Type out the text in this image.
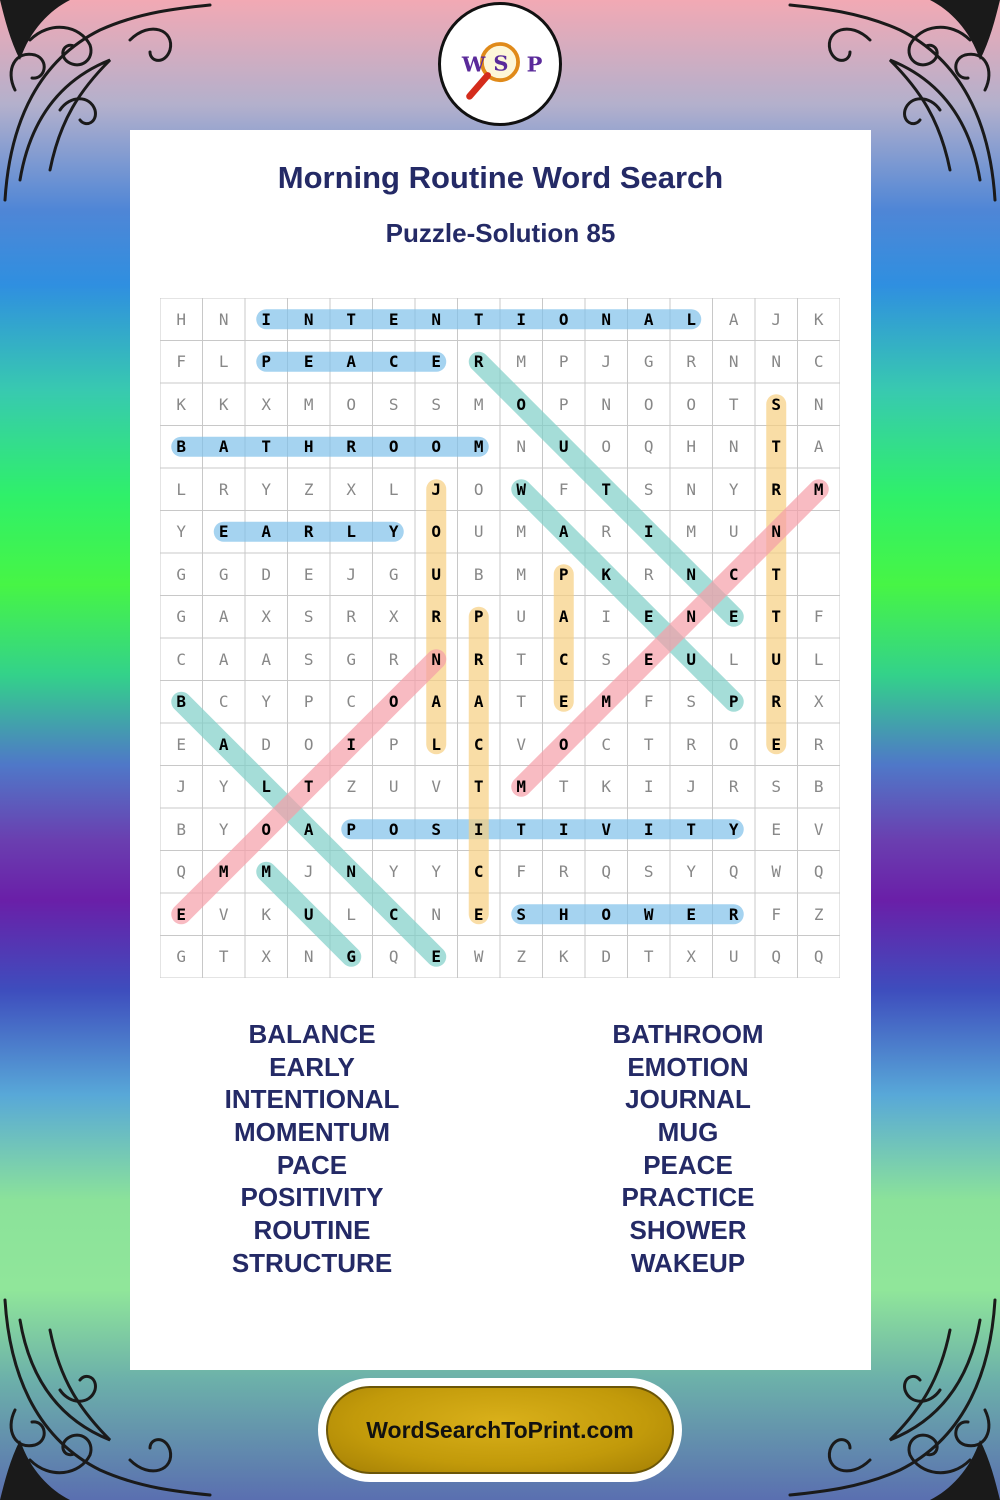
W S P
Morning Routine Word Search
Puzzle-Solution 85
H	N	I	N	T	E	N	T	I	O	N	A	L	A	J	K
F	L	P	E	A	C	E	R	M	P	J	G	R	N	N	C
K	K	X	M	O	S	S	M	O	P	N	O	O	T	S	N
B	A	T	H	R	O	O	M	N	U	O	Q	H	N	T	A
L	R	Y	Z	X	L	J	O	W	F	T	S	N	Y	R	M
Y	E	A	R	L	Y	O	U	M	A	R	I	M	U	N
G	G	D	E	J	G	U	B	M	P	K	R	N	C	T
G	A	X	S	R	X	R	P	U	A	I	E	N	E	T	F
C	A	A	S	G	R	N	R	T	C	S	E	U	L	U	L
B	C	Y	P	C	O	A	A	T	E	M	F	S	P	R	X
E	A	D	O	I	P	L	C	V	O	C	T	R	O	E	R
J	Y	L	T	Z	U	V	T	M	T	K	I	J	R	S	B
B	Y	O	A	P	O	S	I	T	I	V	I	T	Y	E	V
Q	M	M	J	N	Y	Y	C	F	R	Q	S	Y	Q	W	Q
E	V	K	U	L	C	N	E	S	H	O	W	E	R	F	Z
G	T	X	N	G	Q	E	W	Z	K	D	T	X	U	Q	Q
BALANCE
EARLY
INTENTIONAL
MOMENTUM
PACE
POSITIVITY
ROUTINE
STRUCTURE
BATHROOM
EMOTION
JOURNAL
MUG
PEACE
PRACTICE
SHOWER
WAKEUP
WordSearchToPrint.com
